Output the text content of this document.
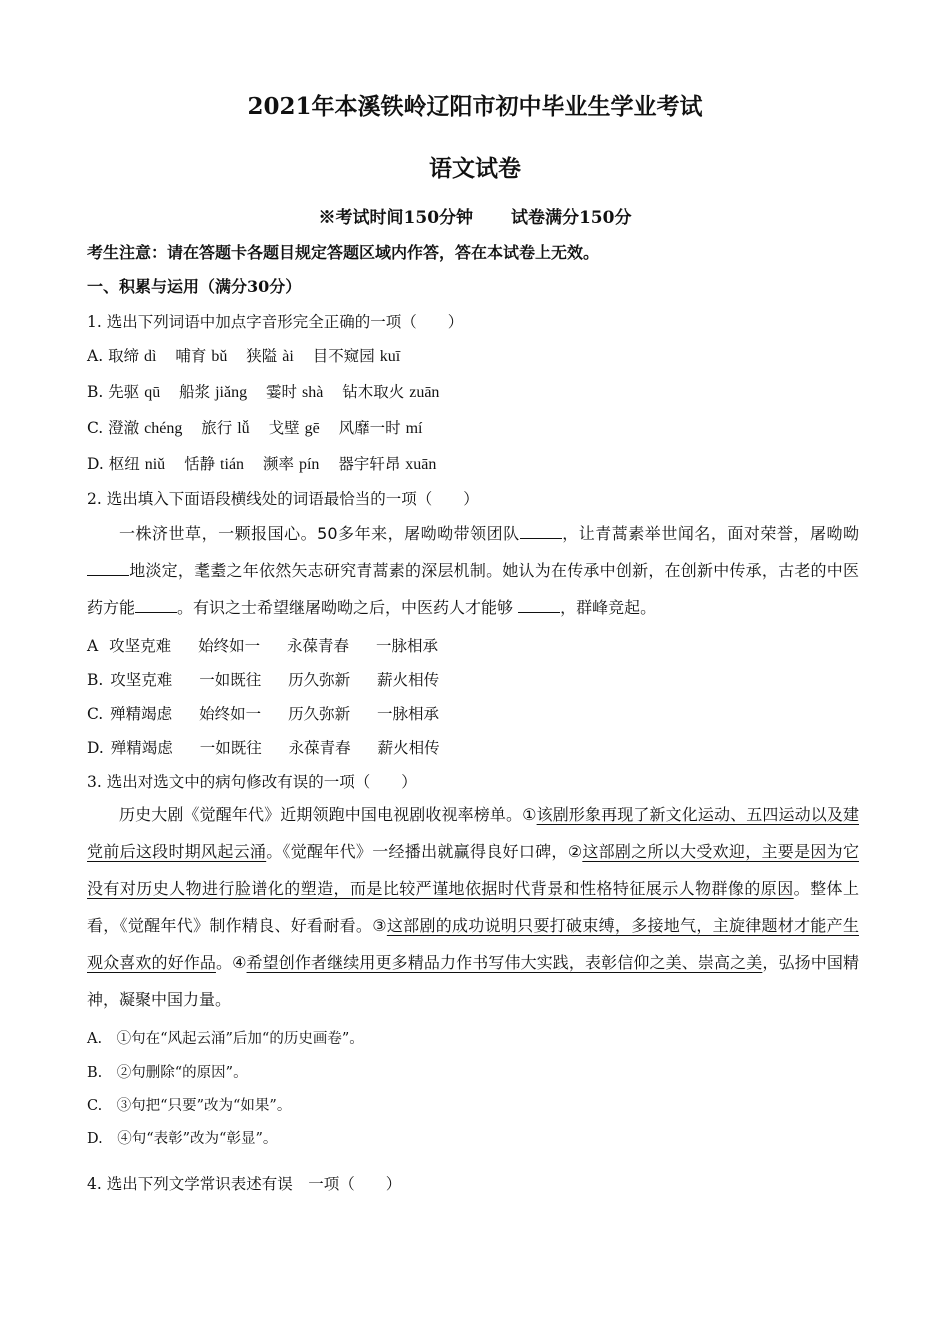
2021年本溪铁岭辽阳市初中毕业生学业考试
语文试卷
※考试时间150分钟 试卷满分150分
考生注意：请在答题卡各题目规定答题区域内作答，答在本试卷上无效。
一、积累与运用（满分30分）
1. 选出下列词语中加点字音形完全正确的一项（　　）
A. 取缔 dì 哺育 bǔ 狭隘 ài 目不窥园 kuī
B. 先驱 qū 船浆 jiǎng 霎时 shà 钻木取火 zuān
C. 澄澈 chéng 旅行 lǚ 戈壁 gē 风靡一时 mí
D. 枢纽 niǔ 恬静 tián 濒率 pín 器宇轩昂 xuān
2. 选出填入下面语段横线处的词语最恰当的一项（　　）

一株济世草，一颗报国心。50多年来，屠呦呦带领团队	，让青蒿素举世闻名，面对荣誉，屠呦呦地淡定，耄耋之年依然矢志研究青蒿素的深层机制。她认为在传承中创新，在创新中传承，古老的中医药方能	。有识之士希望继屠呦呦之后，中医药人才能够	，群峰竞起。

A 攻坚克难 始终如一 永葆青春 一脉相承
B. 攻坚克难 一如既往 历久弥新 薪火相传
C. 殚精竭虑 始终如一 历久弥新 一脉相承
D. 殚精竭虑 一如既往 永葆青春 薪火相传
3. 选出对选文中的病句修改有误的一项（　　）

历史大剧《觉醒年代》近期领跑中国电视剧收视率榜单。①该剧形象再现了新文化运动、五四运动以及建党前后这段时期风起云涌。《觉醒年代》一经播出就赢得良好口碑，②这部剧之所以大受欢迎，主要是因为它没有对历史人物进行脸谱化的塑造，而是比较严谨地依据时代背景和性格特征展示人物群像的原因。整体上看，《觉醒年代》制作精良、好看耐看。③这部剧的成功说明只要打破束缚，多接地气，主旋律题材才能产生观众喜欢的好作品。④希望创作者继续用更多精品力作书写伟大实践，表彰信仰之美、崇高之美，弘扬中国精神，凝聚中国力量。

A.　①句在“风起云涌”后加“的历史画卷”。
B.　②句删除“的原因”。
C.　③句把“只要”改为“如果”。
D.　④句“表彰”改为“彰显”。
4. 选出下列文学常识表述有误　一项（　　）
